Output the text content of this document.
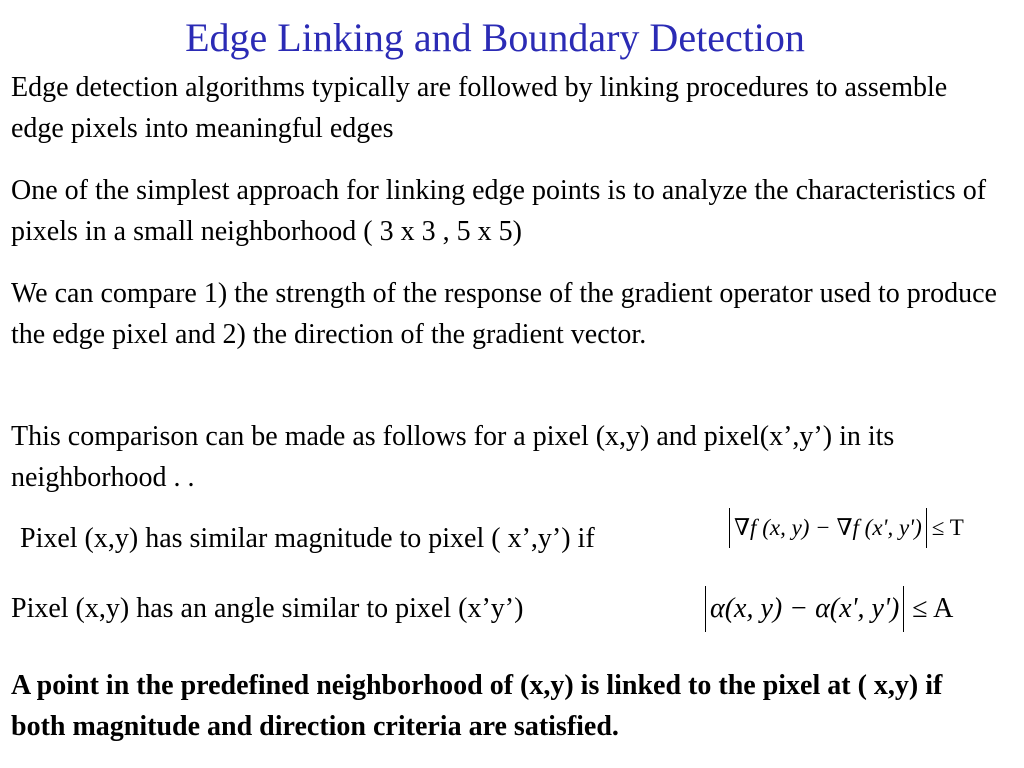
Edge Linking and Boundary Detection
Edge detection algorithms typically are followed by linking procedures to assemble edge pixels into meaningful edges
One of the simplest approach for linking edge points is to analyze the characteristics of pixels in a small neighborhood ( 3 x 3 , 5 x 5)
We can compare 1) the strength of the response of the gradient operator used to produce the edge pixel and 2) the direction of the gradient vector.
This comparison can be made as follows for a pixel (x,y) and pixel(x’,y’) in its neighborhood . .
Pixel (x,y) has similar magnitude to pixel ( x’,y’) if	∇f (x, y) − ∇f (x', y') ≤ T
Pixel (x,y) has an angle similar to pixel (x’y’)	α(x, y) − α(x', y') ≤ A
A point in the predefined neighborhood of (x,y) is linked to the pixel at ( x,y) if both magnitude and direction criteria are satisfied.
